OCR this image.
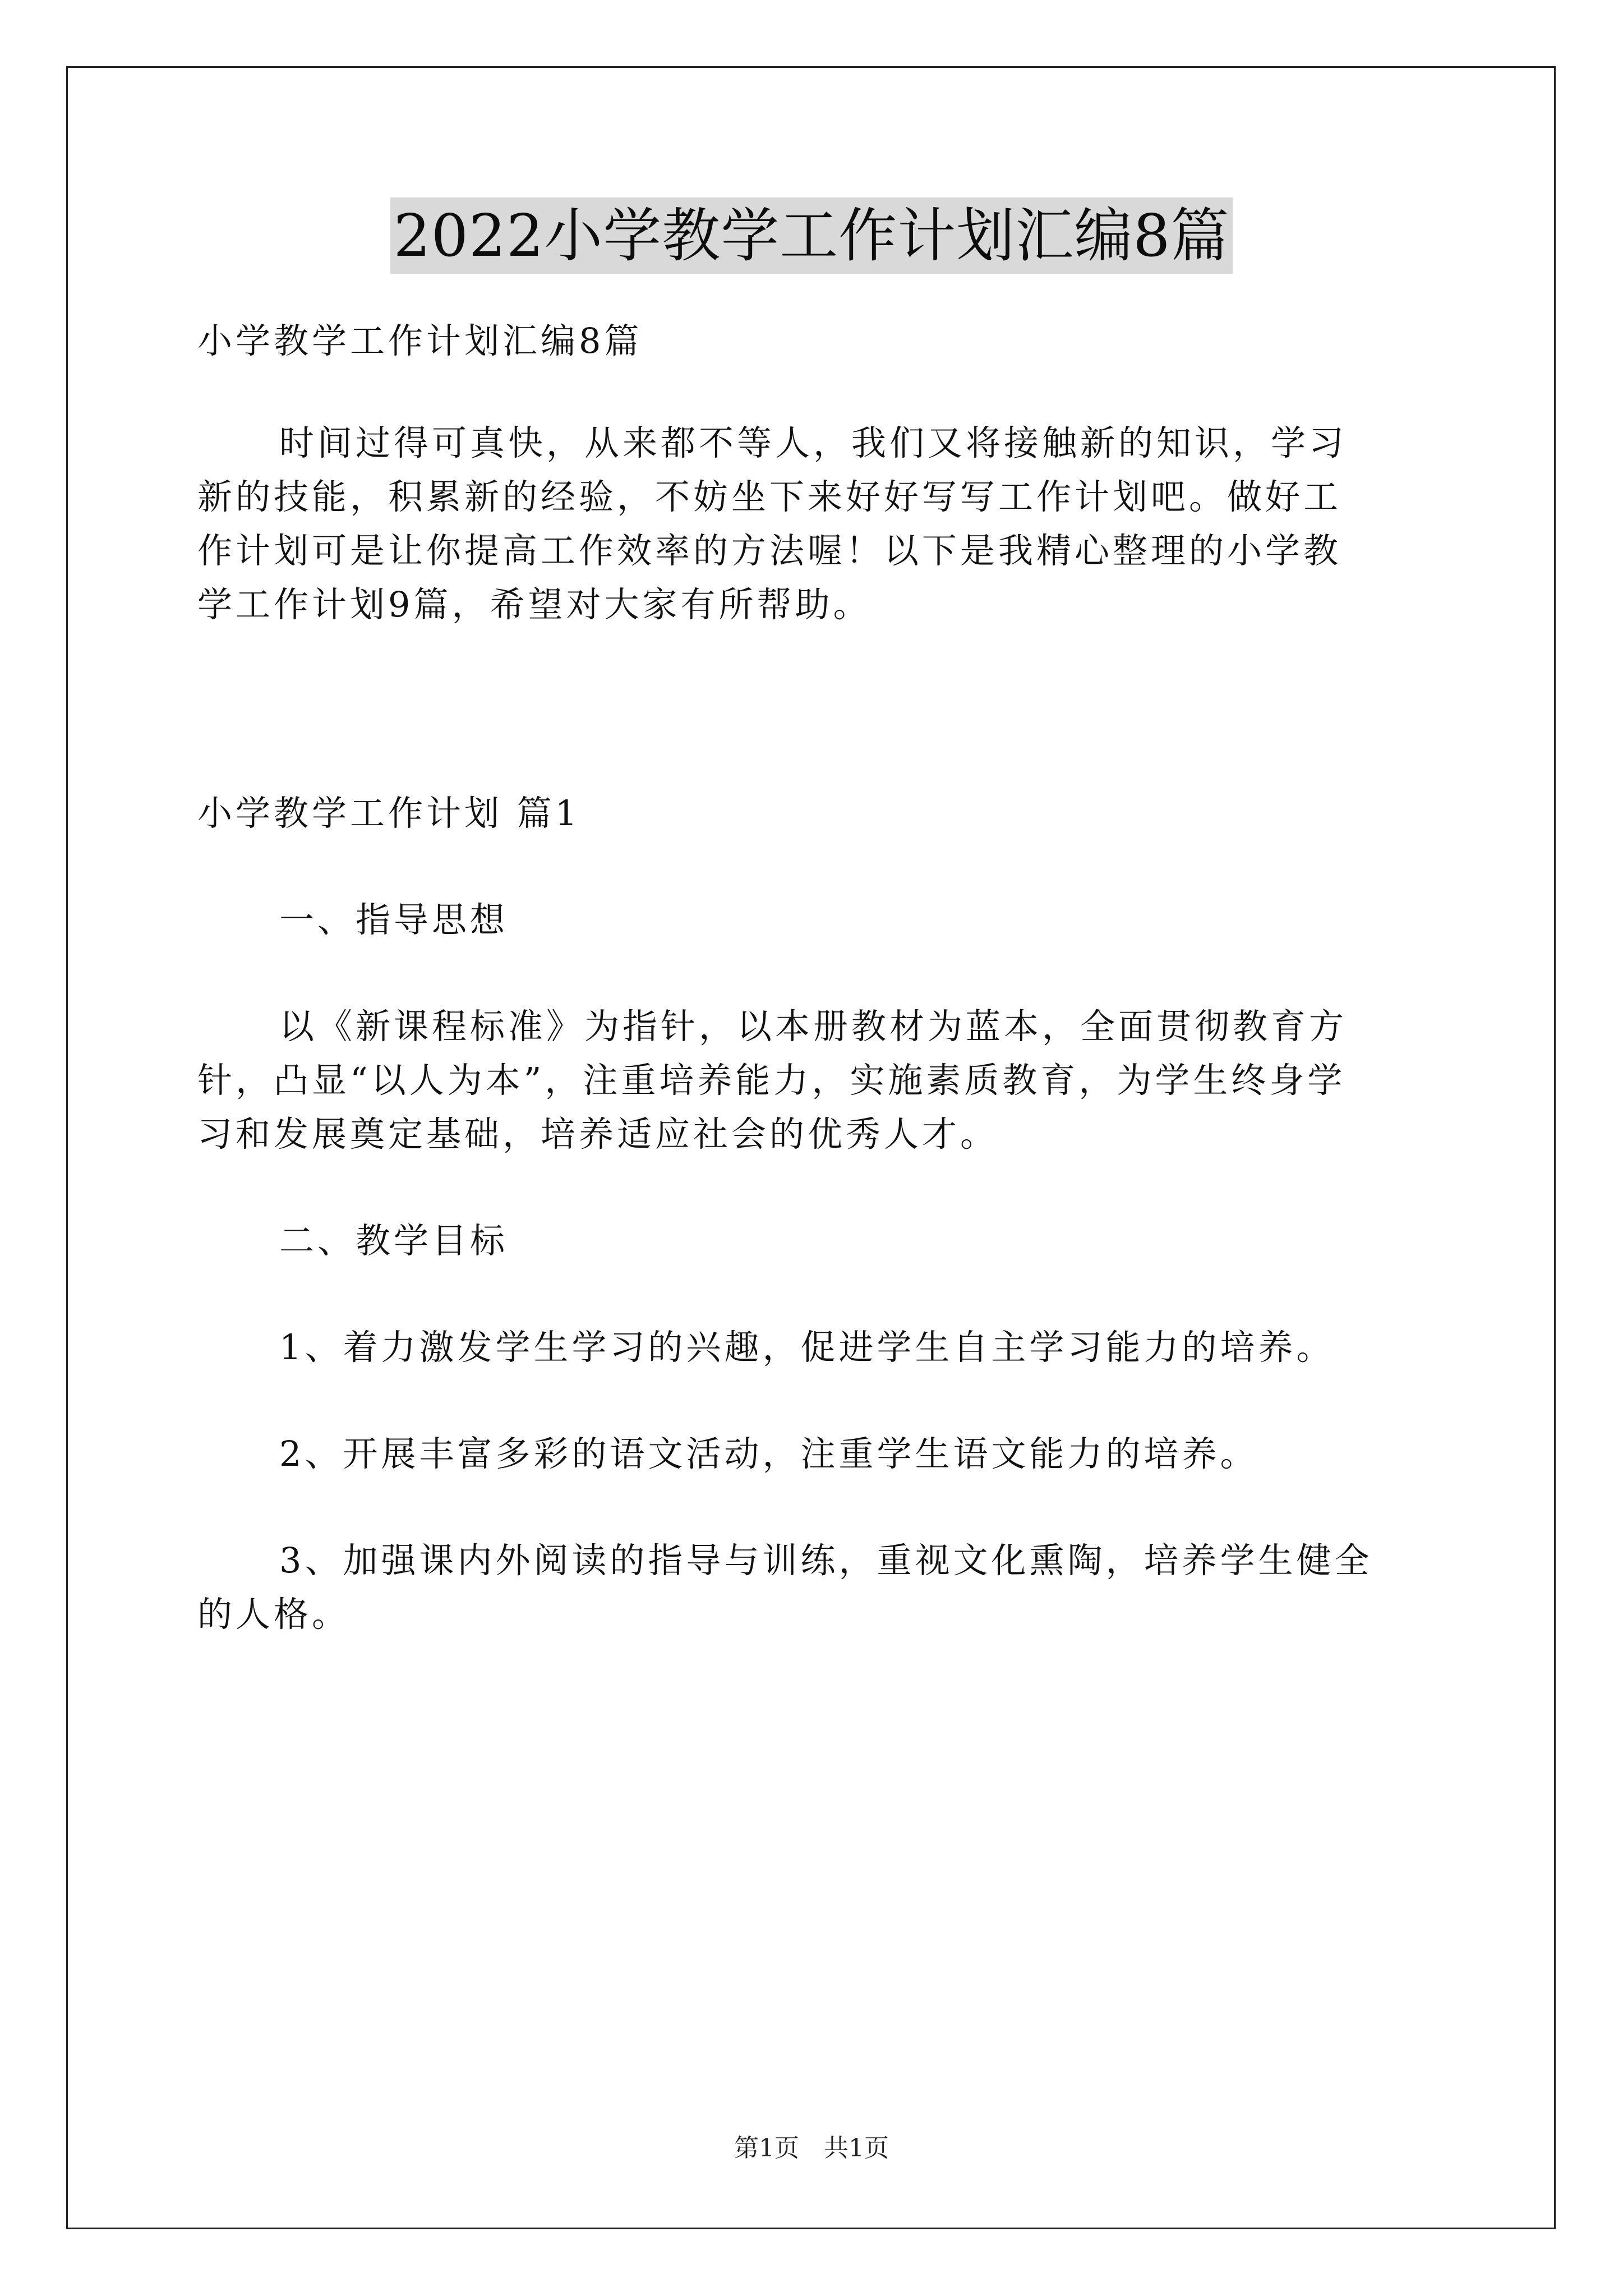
2022小学教学工作计划汇编8篇

小学教学工作计划汇编8篇

时间过得可真快，从来都不等人，我们又将接触新的知识，学习

新的技能，积累新的经验，不妨坐下来好好写写工作计划吧。做好工

作计划可是让你提高工作效率的方法喔！以下是我精心整理的小学教

学工作计划9篇，希望对大家有所帮助。

小学教学工作计划 篇1

一、指导思想

以《新课程标准》为指针，以本册教材为蓝本，全面贯彻教育方

针，凸显“以人为本”，注重培养能力，实施素质教育，为学生终身学

习和发展奠定基础，培养适应社会的优秀人才。

二、教学目标

1、着力激发学生学习的兴趣，促进学生自主学习能力的培养。

2、开展丰富多彩的语文活动，注重学生语文能力的培养。

3、加强课内外阅读的指导与训练，重视文化熏陶，培养学生健全

的人格。

第1页 共1页
